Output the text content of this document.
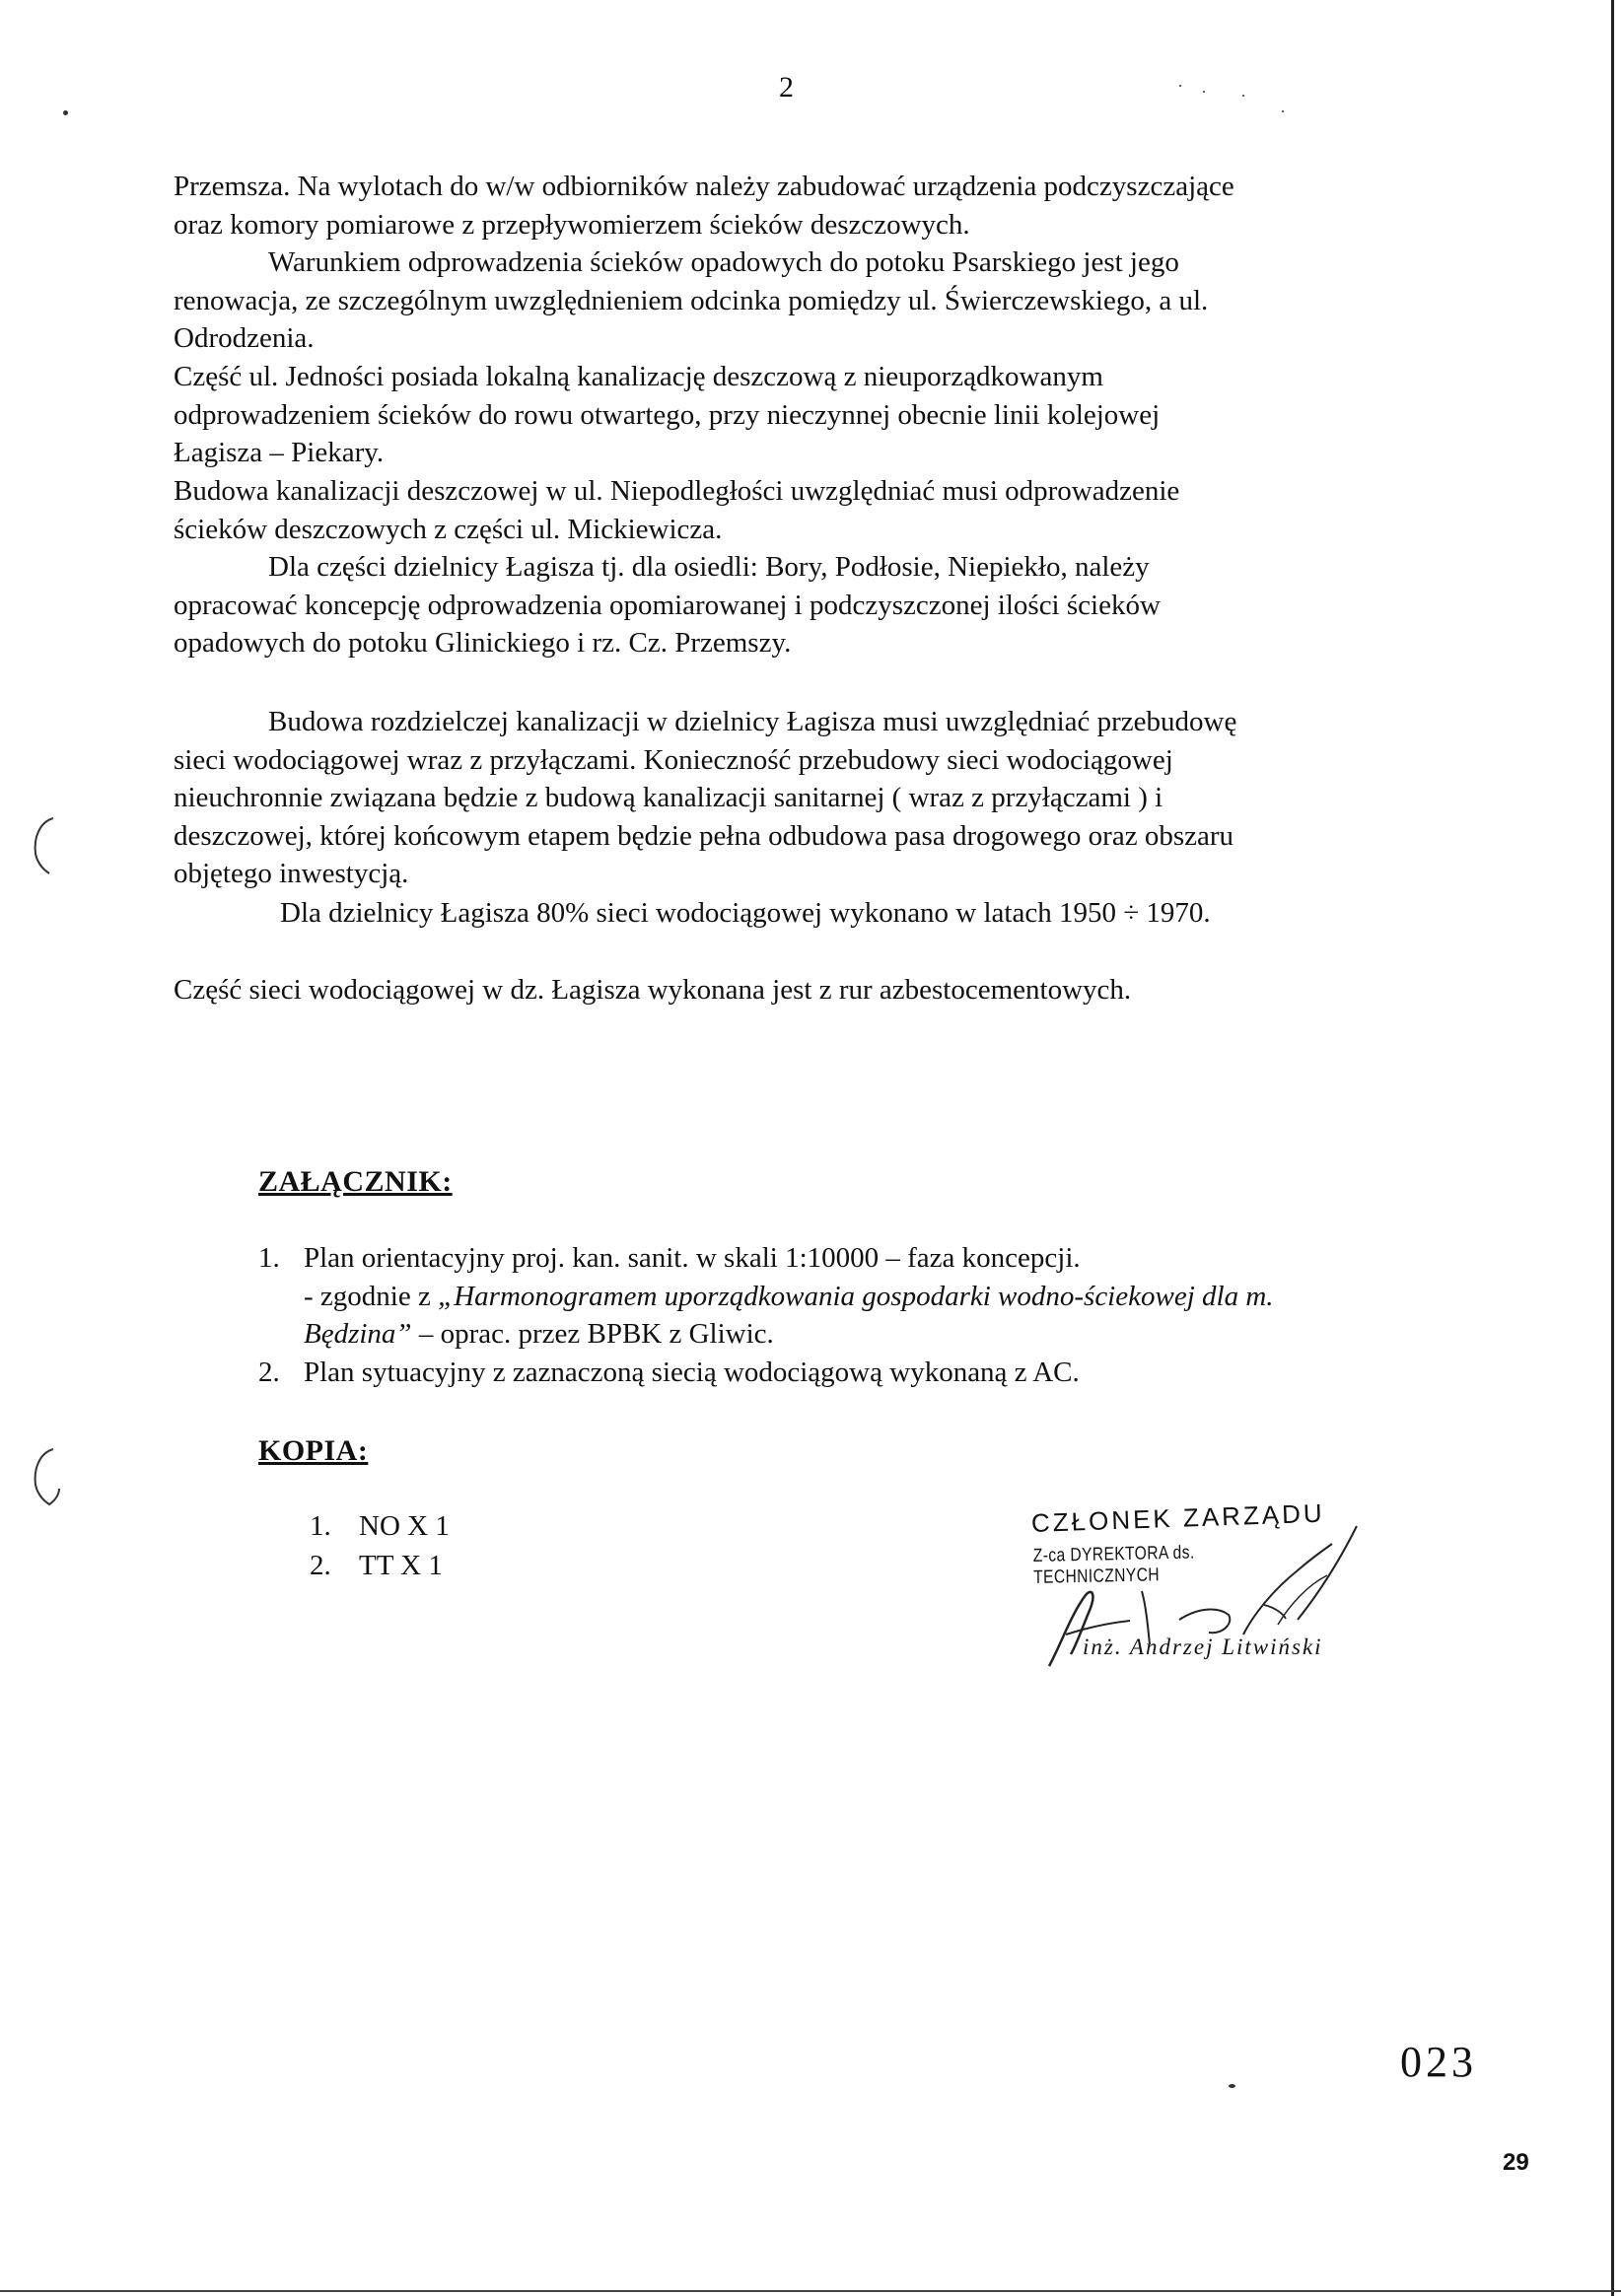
2
Przemsza. Na wylotach do w/w odbiorników należy zabudować urządzenia podczyszczające
oraz komory pomiarowe z przepływomierzem ścieków deszczowych.
Warunkiem odprowadzenia ścieków opadowych do potoku Psarskiego jest jego
renowacja, ze szczególnym uwzględnieniem odcinka pomiędzy ul. Świerczewskiego, a ul.
Odrodzenia.
Część ul. Jedności posiada lokalną kanalizację deszczową z nieuporządkowanym
odprowadzeniem ścieków do rowu otwartego, przy nieczynnej obecnie linii kolejowej
Łagisza – Piekary.
Budowa kanalizacji deszczowej w ul. Niepodległości uwzględniać musi odprowadzenie
ścieków deszczowych z części ul. Mickiewicza.
Dla części dzielnicy Łagisza tj. dla osiedli: Bory, Podłosie, Niepiekło, należy
opracować koncepcję odprowadzenia opomiarowanej i podczyszczonej ilości ścieków
opadowych do potoku Glinickiego i rz. Cz. Przemszy.
Budowa rozdzielczej kanalizacji w dzielnicy Łagisza musi uwzględniać przebudowę
sieci wodociągowej wraz z przyłączami. Konieczność przebudowy sieci wodociągowej
nieuchronnie związana będzie z budową kanalizacji sanitarnej ( wraz z przyłączami ) i
deszczowej, której końcowym etapem będzie pełna odbudowa pasa drogowego oraz obszaru
objętego inwestycją.
Dla dzielnicy Łagisza 80% sieci wodociągowej wykonano w latach 1950 ÷ 1970.
Część sieci wodociągowej w dz. Łagisza wykonana jest z rur azbestocementowych.
ZAŁĄCZNIK:
1. Plan orientacyjny proj. kan. sanit. w skali 1:10000 – faza koncepcji.
- zgodnie z „Harmonogramem uporządkowania gospodarki wodno-ściekowej dla m.
Będzina” – oprac. przez BPBK z Gliwic.
2. Plan sytuacyjny z zaznaczoną siecią wodociągową wykonaną z AC.
KOPIA:
1. NO X 1
2. TT X 1
CZŁONEK ZARZĄDU
Z-ca DYREKTORA ds. TECHNICZNYCH
inż. Andrzej Litwiński
023
29
